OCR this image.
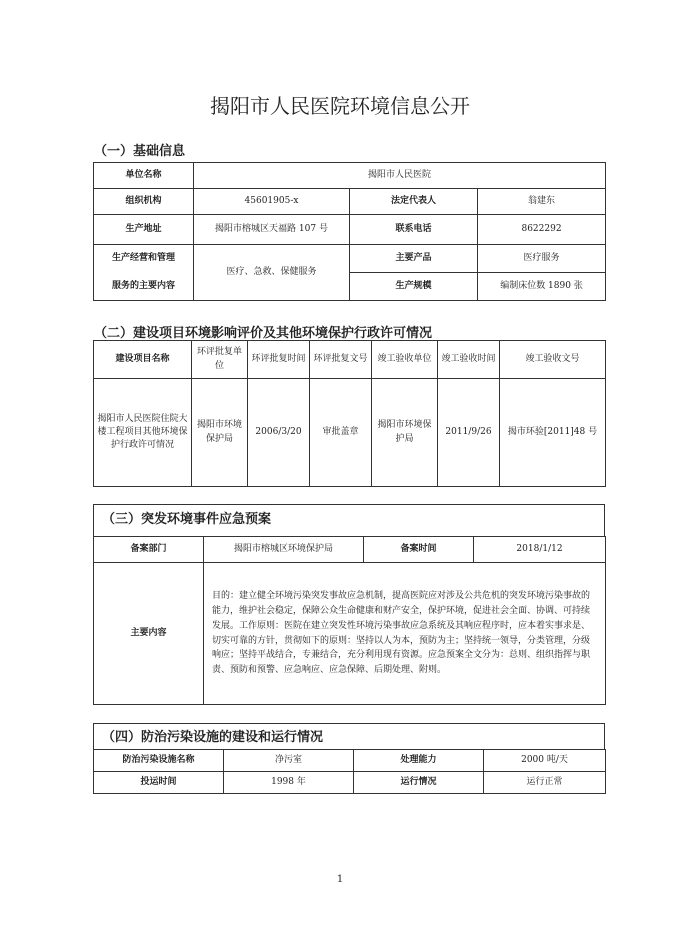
揭阳市人民医院环境信息公开
（一）基础信息
单位名称	揭阳市人民医院		
组织机构	45601905-x	法定代表人	翁建东
生产地址	揭阳市榕城区天福路 107 号	联系电话	8622292
生产经营和管理	医疗、急救、保健服务	主要产品	医疗服务
服务的主要内容		生产规模	编制床位数 1890 张
（二）建设项目环境影响评价及其他环境保护行政许可情况
建设项目名称	环评批复单位	环评批复时间	环评批复文号	竣工验收单位	竣工验收时间	竣工验收文号
揭阳市人民医院住院大楼工程项目其他环境保护行政许可情况	揭阳市环境保护局	2006/3/20	审批盖章	揭阳市环境保护局	2011/9/26	揭市环验[2011]48 号
（三）突发环境事件应急预案
备案部门	揭阳市榕城区环境保护局	备案时间	2018/1/12
主要内容	目的：建立健全环境污染突发事故应急机制，提高医院应对涉及公共危机的突发环境污染事故的能力，维护社会稳定，保障公众生命健康和财产安全，保护环境，促进社会全面、协调、可持续发展。工作原则：医院在建立突发性环境污染事故应急系统及其响应程序时，应本着实事求是、切实可靠的方针，贯彻如下的原则：坚持以人为本，预防为主；坚持统一领导，分类管理，分级响应；坚持平战结合，专兼结合，充分利用现有资源。应急预案全文分为：总则、组织指挥与职责、预防和预警、应急响应、应急保障、后期处理、附则。		
（四）防治污染设施的建设和运行情况
防治污染设施名称	净污室	处理能力	2000 吨/天
投运时间	1998 年	运行情况	运行正常
1
